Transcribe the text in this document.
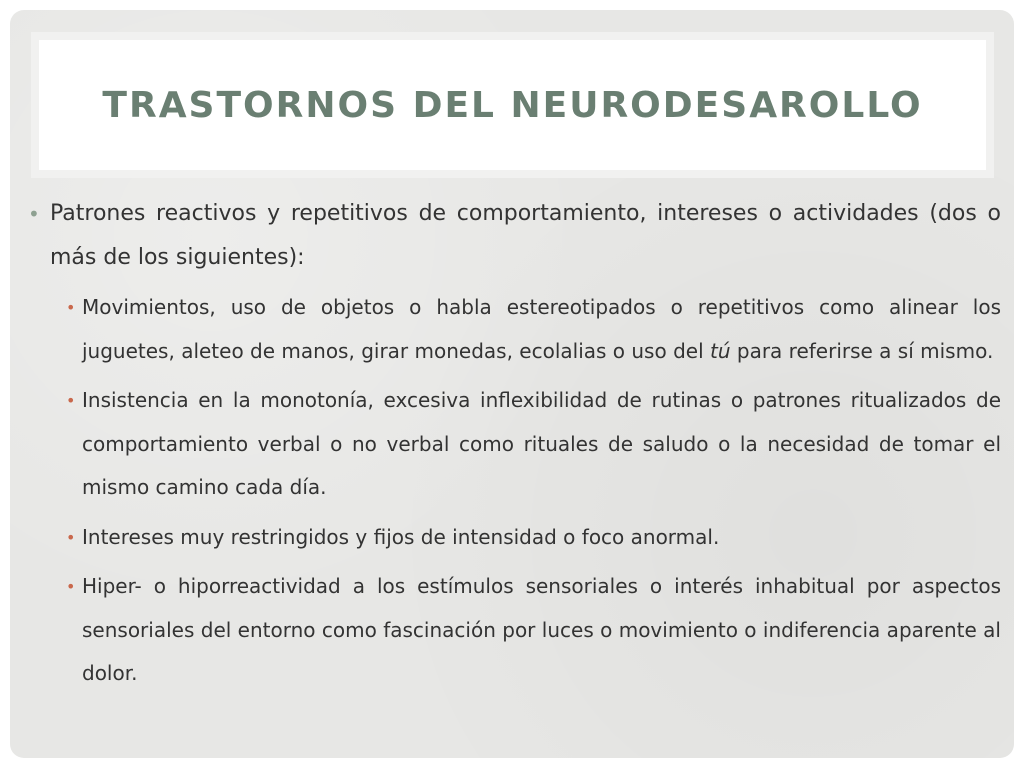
TRASTORNOS DEL NEURODESAROLLO

• Patrones reactivos y repetitivos de comportamiento, intereses o actividades (dos o más de los siguientes):

• Movimientos, uso de objetos o habla estereotipados o repetitivos como alinear los juguetes, aleteo de manos, girar monedas, ecolalias o uso del tú para referirse a sí mismo.

• Insistencia en la monotonía, excesiva inflexibilidad de rutinas o patrones ritualizados de comportamiento verbal o no verbal como rituales de saludo o la necesidad de tomar el mismo camino cada día.

• Intereses muy restringidos y fijos de intensidad o foco anormal.

• Hiper- o hiporreactividad a los estímulos sensoriales o interés inhabitual por aspectos sensoriales del entorno como fascinación por luces o movimiento o indiferencia aparente al dolor.
